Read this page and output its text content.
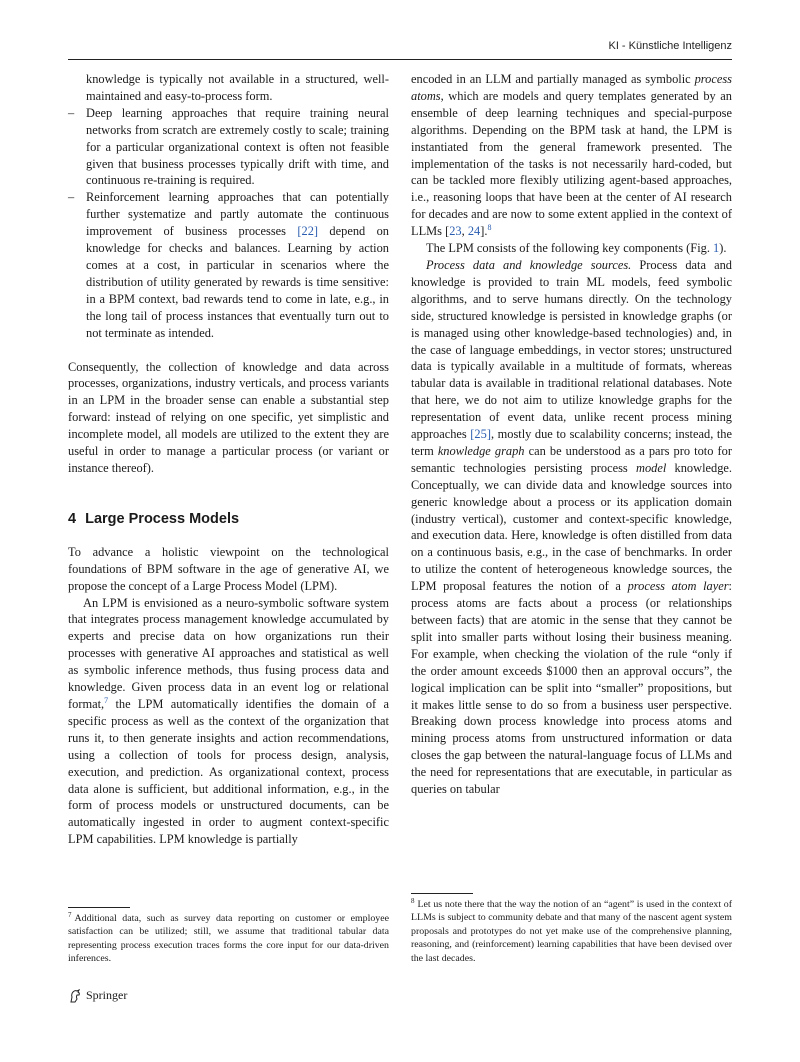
KI - Künstliche Intelligenz

knowledge is typically not available in a structured, well-maintained and easy-to-process form.

– Deep learning approaches that require training neural networks from scratch are extremely costly to scale; training for a particular organizational context is often not feasible given that business processes typically drift with time, and continuous re-training is required.

– Reinforcement learning approaches that can potentially further systematize and partly automate the continuous improvement of business processes [22] depend on knowledge for checks and balances. Learning by action comes at a cost, in particular in scenarios where the distribution of utility generated by rewards is time sensitive: in a BPM context, bad rewards tend to come in late, e.g., in the long tail of process instances that eventually turn out to not terminate as intended.

Consequently, the collection of knowledge and data across processes, organizations, industry verticals, and process variants in an LPM in the broader sense can enable a substantial step forward: instead of relying on one specific, yet simplistic and incomplete model, all models are utilized to the extent they are useful in order to manage a particular process (or variant or instance thereof).

4 Large Process Models

To advance a holistic viewpoint on the technological foundations of BPM software in the age of generative AI, we propose the concept of a Large Process Model (LPM).

An LPM is envisioned as a neuro-symbolic software system that integrates process management knowledge accumulated by experts and precise data on how organizations run their processes with generative AI approaches and statistical as well as symbolic inference methods, thus fusing process data and knowledge. Given process data in an event log or relational format,$^7$ the LPM automatically identifies the domain of a specific process as well as the context of the organization that runs it, to then generate insights and action recommendations, using a collection of tools for process design, analysis, execution, and prediction. As organizational context, process data alone is sufficient, but additional information, e.g., in the form of process models or unstructured documents, can be automatically ingested in order to augment context-specific LPM capabilities. LPM knowledge is partially

encoded in an LLM and partially managed as symbolic process atoms, which are models and query templates generated by an ensemble of deep learning techniques and special-purpose algorithms. Depending on the BPM task at hand, the LPM is instantiated from the general framework presented. The implementation of the tasks is not necessarily hard-coded, but can be tackled more flexibly utilizing agent-based approaches, i.e., reasoning loops that have been at the center of AI research for decades and are now to some extent applied in the context of LLMs [23, 24].$^8$

The LPM consists of the following key components (Fig. 1).

Process data and knowledge sources. Process data and knowledge is provided to train ML models, feed symbolic algorithms, and to serve humans directly. On the technology side, structured knowledge is persisted in knowledge graphs (or is managed using other knowledge-based technologies) and, in the case of language embeddings, in vector stores; unstructured data is typically available in a multitude of formats, whereas tabular data is available in traditional relational databases. Note that here, we do not aim to utilize knowledge graphs for the representation of event data, unlike recent process mining approaches [25], mostly due to scalability concerns; instead, the term knowledge graph can be understood as a pars pro toto for semantic technologies persisting process model knowledge. Conceptually, we can divide data and knowledge sources into generic knowledge about a process or its application domain (industry vertical), customer and context-specific knowledge, and execution data. Here, knowledge is often distilled from data on a continuous basis, e.g., in the case of benchmarks. In order to utilize the content of heterogeneous knowledge sources, the LPM proposal features the notion of a process atom layer: process atoms are facts about a process (or relationships between facts) that are atomic in the sense that they cannot be split into smaller parts without losing their business meaning. For example, when checking the violation of the rule “only if the order amount exceeds $1000 then an approval occurs”, the logical implication can be split into “smaller” propositions, but it makes little sense to do so from a business user perspective. Breaking down process knowledge into process atoms and mining process atoms from unstructured information or data closes the gap between the natural-language focus of LLMs and the need for representations that are executable, in particular as queries on tabular

$^7$ Additional data, such as survey data reporting on customer or employee satisfaction can be utilized; still, we assume that traditional tabular data representing process execution traces forms the core input for our data-driven inferences.
$^8$ Let us note there that the way the notion of an “agent” is used in the context of LLMs is subject to community debate and that many of the nascent agent system proposals and prototypes do not yet make use of the comprehensive planning, reasoning, and (reinforcement) learning capabilities that have been devised over the last decades.
Springer
